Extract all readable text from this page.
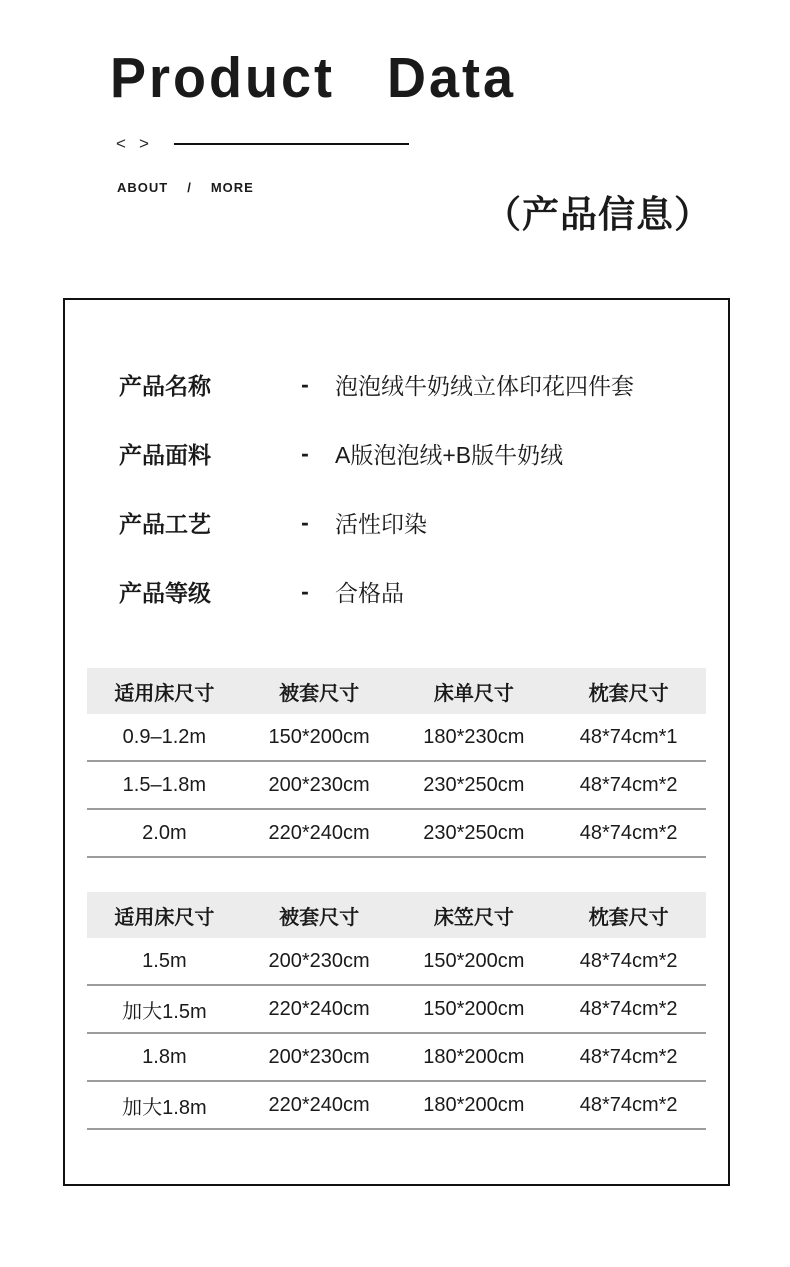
Product Data
< >
ABOUT / MORE
（产品信息）
产品名称	-	泡泡绒牛奶绒立体印花四件套
产品面料	-	A版泡泡绒+B版牛奶绒
产品工艺	-	活性印染
产品等级	-	合格品
适用床尺寸	被套尺寸	床单尺寸	枕套尺寸
0.9–1.2m	150*200cm	180*230cm	48*74cm*1
1.5–1.8m	200*230cm	230*250cm	48*74cm*2
2.0m	220*240cm	230*250cm	48*74cm*2
适用床尺寸	被套尺寸	床笠尺寸	枕套尺寸
1.5m	200*230cm	150*200cm	48*74cm*2
加大1.5m	220*240cm	150*200cm	48*74cm*2
1.8m	200*230cm	180*200cm	48*74cm*2
加大1.8m	220*240cm	180*200cm	48*74cm*2
